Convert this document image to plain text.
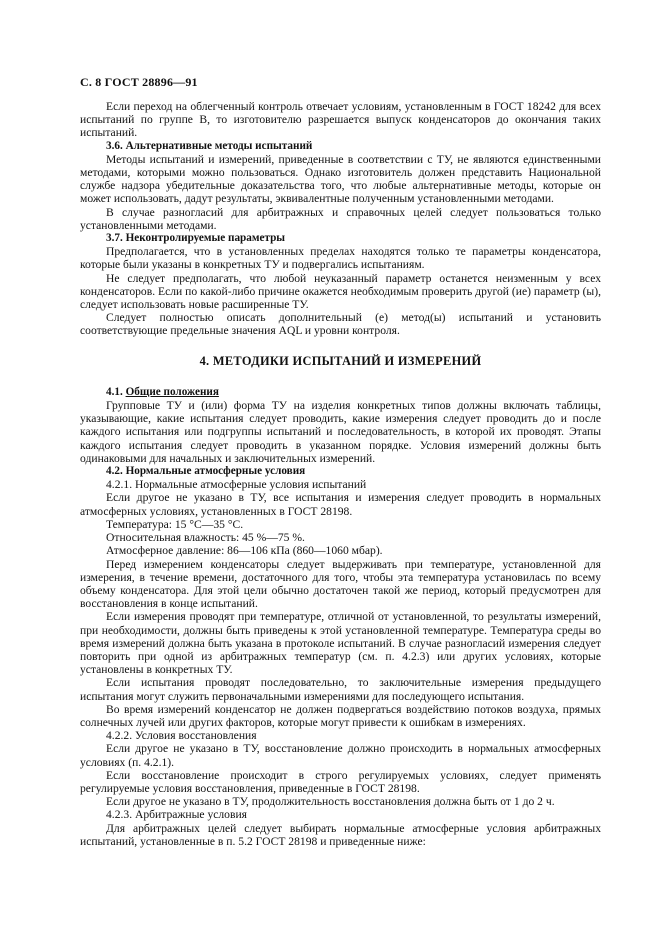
С. 8 ГОСТ 28896—91

Если переход на облегченный контроль отвечает условиям, установленным в ГОСТ 18242 для всех испытаний по группе В, то изготовителю разрешается выпуск конденсаторов до окончания таких испытаний.

3.6. Альтернативные методы испытаний

Методы испытаний и измерений, приведенные в соответствии с ТУ, не являются единственными методами, которыми можно пользоваться. Однако изготовитель должен представить Национальной службе надзора убедительные доказательства того, что любые альтернативные методы, которые он может использовать, дадут результаты, эквивалентные полученным установленными методами.

В случае разногласий для арбитражных и справочных целей следует пользоваться только установленными методами.

3.7. Неконтролируемые параметры

Предполагается, что в установленных пределах находятся только те параметры конденсатора, которые были указаны в конкретных ТУ и подвергались испытаниям.

Не следует предполагать, что любой неуказанный параметр останется неизменным у всех конденсаторов. Если по какой-либо причине окажется необходимым проверить другой (ие) параметр (ы), следует использовать новые расширенные ТУ.

Следует полностью описать дополнительный (е) метод(ы) испытаний и установить соответствующие предельные значения AQL и уровни контроля.

4. МЕТОДИКИ ИСПЫТАНИЙ И ИЗМЕРЕНИЙ
4.1. Общие положения

Групповые ТУ и (или) форма ТУ на изделия конкретных типов должны включать таблицы, указывающие, какие испытания следует проводить, какие измерения следует проводить до и после каждого испытания или подгруппы испытаний и последовательность, в которой их проводят. Этапы каждого испытания следует проводить в указанном порядке. Условия измерений должны быть одинаковыми для начальных и заключительных измерений.

4.2. Нормальные атмосферные условия

4.2.1. Нормальные атмосферные условия испытаний

Если другое не указано в ТУ, все испытания и измерения следует проводить в нормальных атмосферных условиях, установленных в ГОСТ 28198.

Температура: 15 °С—35 °С.

Относительная влажность: 45 %—75 %.

Атмосферное давление: 86—106 кПа (860—1060 мбар).

Перед измерением конденсаторы следует выдерживать при температуре, установленной для измерения, в течение времени, достаточного для того, чтобы эта температура установилась по всему объему конденсатора. Для этой цели обычно достаточен такой же период, который предусмотрен для восстановления в конце испытаний.

Если измерения проводят при температуре, отличной от установленной, то результаты измерений, при необходимости, должны быть приведены к этой установленной температуре. Температура среды во время измерений должна быть указана в протоколе испытаний. В случае разногласий измерения следует повторить при одной из арбитражных температур (см. п. 4.2.3) или других условиях, которые установлены в конкретных ТУ.

Если испытания проводят последовательно, то заключительные измерения предыдущего испытания могут служить первоначальными измерениями для последующего испытания.

Во время измерений конденсатор не должен подвергаться воздействию потоков воздуха, прямых солнечных лучей или других факторов, которые могут привести к ошибкам в измерениях.

4.2.2. Условия восстановления

Если другое не указано в ТУ, восстановление должно происходить в нормальных атмосферных условиях (п. 4.2.1).

Если восстановление происходит в строго регулируемых условиях, следует применять регулируемые условия восстановления, приведенные в ГОСТ 28198.

Если другое не указано в ТУ, продолжительность восстановления должна быть от 1 до 2 ч.

4.2.3. Арбитражные условия

Для арбитражных целей следует выбирать нормальные атмосферные условия арбитражных испытаний, установленные в п. 5.2 ГОСТ 28198 и приведенные ниже:
